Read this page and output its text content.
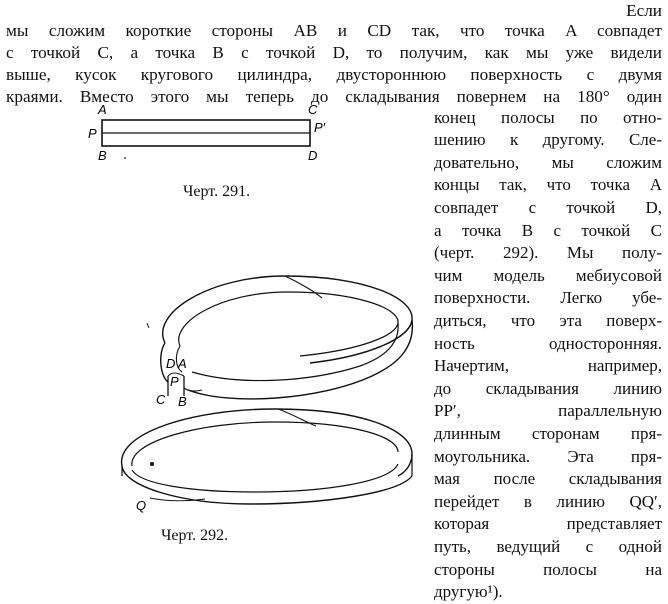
Если
мы сложим короткие стороны AB и CD так, что точка A совпадет
с точкой C, а точка B с точкой D, то получим, как мы уже видели
выше, кусок кругового цилиндра, двустороннюю поверхность с двумя
краями. Вместо этого мы теперь до складывания повернем на 180° один
конец полосы по отно-
шению к другому. Сле-
довательно, мы сложим
концы так, что точка A
совпадет с точкой D,
а точка B с точкой C
(черт. 292). Мы полу-
чим модель мебиусовой
поверхности. Легко убе-
диться, что эта поверх-
ность односторонняя.
Начертим, например,
до складывания линию
PP′, параллельную
длинным сторонам пря-
моугольника. Эта пря-
мая после складывания
перейдет в линию QQ′,
которая представляет
путь, ведущий с одной
стороны полосы на
другую¹).
A
B
C
D
P	P′
Черт. 291.
D A
P
C B
Q
Черт. 292.
